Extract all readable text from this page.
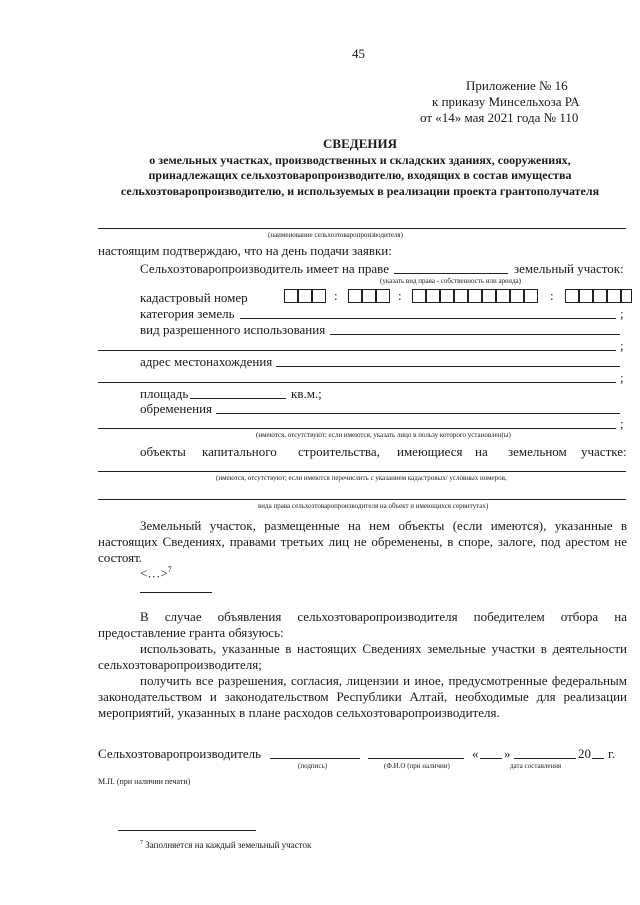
45
Приложение № 16
к приказу Минсельхоза РА
от «14» мая 2021 года № 110
СВЕДЕНИЯ
о земельных участках, производственных и складских зданиях, сооружениях,
принадлежащих сельхозтоваропроизводителю, входящих в состав имущества
сельхозтоваропроизводителю, и используемых в реализации проекта грантополучателя
(наименование сельхозтоваропроизводителя)
настоящим подтверждаю, что на день подачи заявки:
Сельхозтоваропроизводитель имеет на праве	земельный участок:
(указать вид права - собственность или аренда)
кадастровый номер	:	:	:
категория земель	;
вид разрешенного использования
;
адрес местонахождения
;
площадь	кв.м.;
обременения
;
(имеются, отсутствуют; если имеются, указать лицо в пользу которого установлен(ы)
объекты капитального строительства, имеющиеся на земельном участке:
(имеются, отсутствуют; если имеются перечислить с указанием кадастровых/ условных номеров,
вида права сельхозтоваропроизводителя на объект и имеющихся сервитутах)
Земельный участок, размещенные на нем объекты (если имеются), указанные в настоящих Сведениях, правами третьих лиц не обременены, в споре, залоге, под арестом не состоят.
<…>$^7$
В случае объявления сельхозтоваропроизводителя победителем отбора на предоставление гранта обязуюсь:
использовать, указанные в настоящих Сведениях земельные участки в деятельности сельхозтоваропроизводителя;
получить все разрешения, согласия, лицензии и иное, предусмотренные федеральным законодательством и законодательством Республики Алтай, необходимые для реализации мероприятий, указанных в плане расходов сельхозтоваропроизводителя.
Сельхозтоваропроизводитель	« »	20 г.
(подпись)	(Ф.И.О (при наличии)	дата составления
М.П. (при наличии печати)
$^7$ Заполняется на каждый земельный участок
